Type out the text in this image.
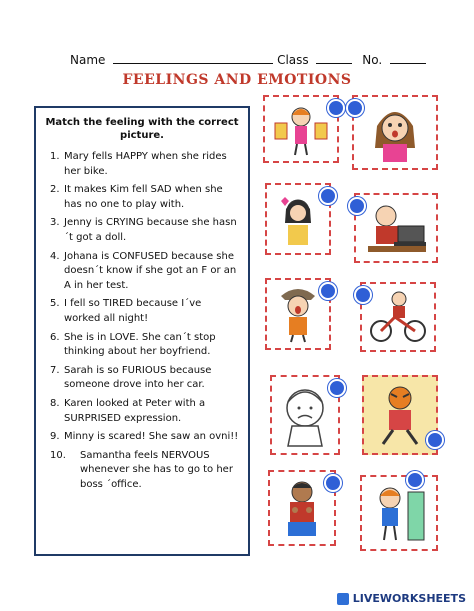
Name	Class	No.
FEELINGS AND EMOTIONS
Match the feeling with the correct picture.
1. Mary fells HAPPY when she rides her bike.
2. It makes Kim fell SAD when she has no one to play with.
3. Jenny is CRYING because she hasn´t got a doll.
4. Johana is CONFUSED because she doesn´t know if she got an F or an A in her test.
5. I fell so TIRED because I´ve worked all night!
6. She is in LOVE. She can´t stop thinking about her boyfriend.
7. Sarah is so FURIOUS because someone drove into her car.
8. Karen looked at Peter with a SURPRISED expression.
9. Minny is scared! She saw an ovni!!
10.	Samantha feels NERVOUS whenever she has to go to her boss ´office.
LIVEWORKSHEETS
